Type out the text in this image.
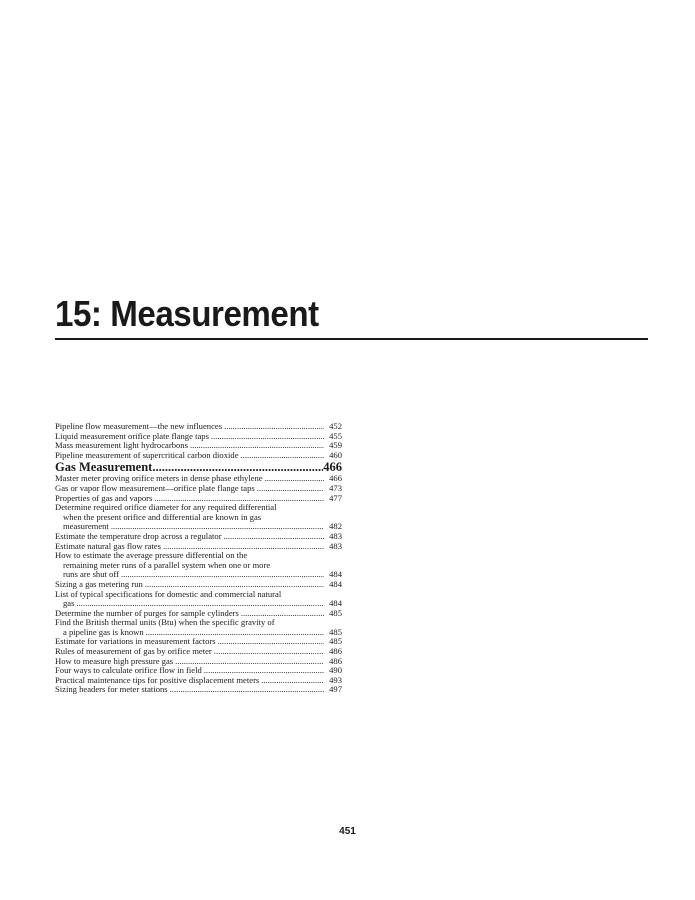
15: Measurement
Pipeline flow measurement—the new influences .....	452
Liquid measurement orifice plate flange taps .....	455
Mass measurement light hydrocarbons .....	459
Pipeline measurement of supercritical carbon dioxide .....	460
Gas Measurement .....	466
Master meter proving orifice meters in dense phase ethylene .....	466
Gas or vapor flow measurement—orifice plate flange taps .....	473
Properties of gas and vapors .....	477
Determine required orifice diameter for any required differential
when the present orifice and differential are known in gas
measurement .....	482
Estimate the temperature drop across a regulator .....	483
Estimate natural gas flow rates .....	483
How to estimate the average pressure differential on the
remaining meter runs of a parallel system when one or more
runs are shut off .....	484
Sizing a gas metering run .....	484
List of typical specifications for domestic and commercial natural
gas .....	484
Determine the number of purges for sample cylinders .....	485
Find the British thermal units (Btu) when the specific gravity of
a pipeline gas is known .....	485
Estimate for variations in measurement factors .....	485
Rules of measurement of gas by orifice meter .....	486
How to measure high pressure gas .....	486
Four ways to calculate orifice flow in field .....	490
Practical maintenance tips for positive displacement meters .....	493
Sizing headers for meter stations .....	497
451
